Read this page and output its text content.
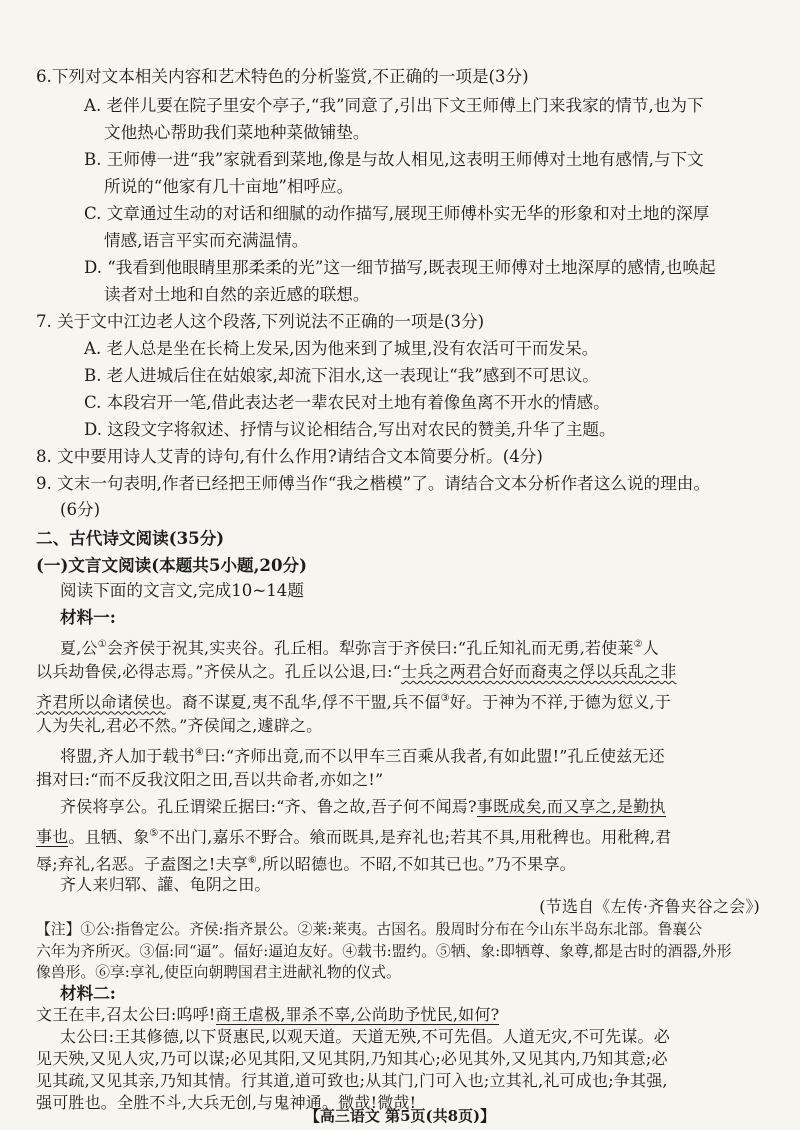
6.下列对文本相关内容和艺术特色的分析鉴赏,不正确的一项是(3分)

A. 老伴儿要在院子里安个亭子,“我”同意了,引出下文王师傅上门来我家的情节,也为下

文他热心帮助我们菜地种菜做铺垫。

B. 王师傅一进“我”家就看到菜地,像是与故人相见,这表明王师傅对土地有感情,与下文

所说的“他家有几十亩地”相呼应。

C. 文章通过生动的对话和细腻的动作描写,展现王师傅朴实无华的形象和对土地的深厚

情感,语言平实而充满温情。

D. “我看到他眼睛里那柔柔的光”这一细节描写,既表现王师傅对土地深厚的感情,也唤起

读者对土地和自然的亲近感的联想。

7. 关于文中江边老人这个段落,下列说法不正确的一项是(3分)

A. 老人总是坐在长椅上发呆,因为他来到了城里,没有农活可干而发呆。

B. 老人进城后住在姑娘家,却流下泪水,这一表现让“我”感到不可思议。

C. 本段宕开一笔,借此表达老一辈农民对土地有着像鱼离不开水的情感。

D. 这段文字将叙述、抒情与议论相结合,写出对农民的赞美,升华了主题。

8. 文中要用诗人艾青的诗句,有什么作用?请结合文本简要分析。(4分)

9. 文末一句表明,作者已经把王师傅当作“我之楷模”了。请结合文本分析作者这么说的理由。

(6分)

二、古代诗文阅读(35分)

(一)文言文阅读(本题共5小题,20分)

阅读下面的文言文,完成10~14题

材料一:

夏,公①会齐侯于祝其,实夹谷。孔丘相。犁弥言于齐侯曰:“孔丘知礼而无勇,若使莱②人

以兵劫鲁侯,必得志焉。”齐侯从之。孔丘以公退,曰:“士兵之两君合好而裔夷之俘以兵乱之非

齐君所以命诸侯也。裔不谋夏,夷不乱华,俘不干盟,兵不偪③好。于神为不祥,于德为愆义,于

人为失礼,君必不然。”齐侯闻之,遽辟之。

将盟,齐人加于载书④曰:“齐师出竟,而不以甲车三百乘从我者,有如此盟!”孔丘使兹无还

揖对曰:“而不反我汶阳之田,吾以共命者,亦如之!”

齐侯将享公。孔丘谓梁丘据曰:“齐、鲁之故,吾子何不闻焉?事既成矣,而又享之,是勤执

事也。且牺、象⑤不出门,嘉乐不野合。飨而既具,是弃礼也;若其不具,用秕稗也。用秕稗,君

辱;弃礼,名恶。子盍图之!夫享⑥,所以昭德也。不昭,不如其已也。”乃不果享。

齐人来归郓、讙、龟阴之田。

(节选自《左传·齐鲁夹谷之会》)

【注】①公:指鲁定公。齐侯:指齐景公。②莱:莱夷。古国名。殷周时分布在今山东半岛东北部。鲁襄公

六年为齐所灭。③偪:同“逼”。偪好:逼迫友好。④载书:盟约。⑤牺、象:即牺尊、象尊,都是古时的酒器,外形

像兽形。⑥享:享礼,使臣向朝聘国君主进献礼物的仪式。

材料二:

文王在丰,召太公曰:呜呼!商王虐极,罪杀不辜,公尚助予忧民,如何?

太公曰:王其修德,以下贤惠民,以观天道。天道无殃,不可先倡。人道无灾,不可先谋。必

见天殃,又见人灾,乃可以谋;必见其阳,又见其阴,乃知其心;必见其外,又见其内,乃知其意;必

见其疏,又见其亲,乃知其情。行其道,道可致也;从其门,门可入也;立其礼,礼可成也;争其强,

强可胜也。全胜不斗,大兵无创,与鬼神通。微哉!微哉!

【高三语文 第5页(共8页)】
